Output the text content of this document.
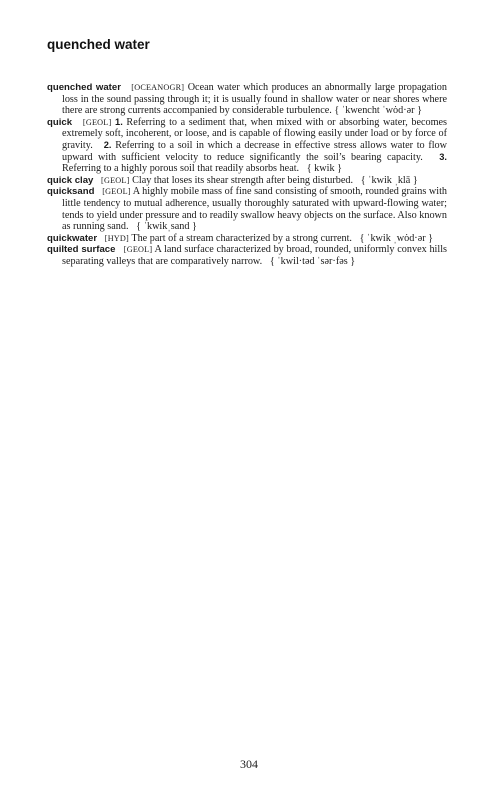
quenched water

quenched water [OCEANOGR] Ocean water which produces an abnormally large propagation loss in the sound passing through it; it is usually found in shallow water or near shores where there are strong currents accompanied by considerable turbulence. { ˈkwencht ˈwȯd·ər }

quick [GEOL] 1. Referring to a sediment that, when mixed with or absorbing water, becomes extremely soft, incoherent, or loose, and is capable of flowing easily under load or by force of gravity. 2. Referring to a soil in which a decrease in effective stress allows water to flow upward with sufficient velocity to reduce significantly the soil’s bearing capacity. 3. Referring to a highly porous soil that readily absorbs heat. { kwik }

quick clay [GEOL] Clay that loses its shear strength after being disturbed. { ˈkwik ˌklā }

quicksand [GEOL] A highly mobile mass of fine sand consisting of smooth, rounded grains with little tendency to mutual adherence, usually thoroughly saturated with upward-flowing water; tends to yield under pressure and to readily swallow heavy objects on the surface. Also known as running sand. { ˈkwikˌsand }

quickwater [HYD] The part of a stream characterized by a strong current. { ˈkwik ˌwȯd·ər }

quilted surface [GEOL] A land surface characterized by broad, rounded, uniformly convex hills separating valleys that are comparatively narrow. { ˈkwil·təd ˈsər·fəs }

304
